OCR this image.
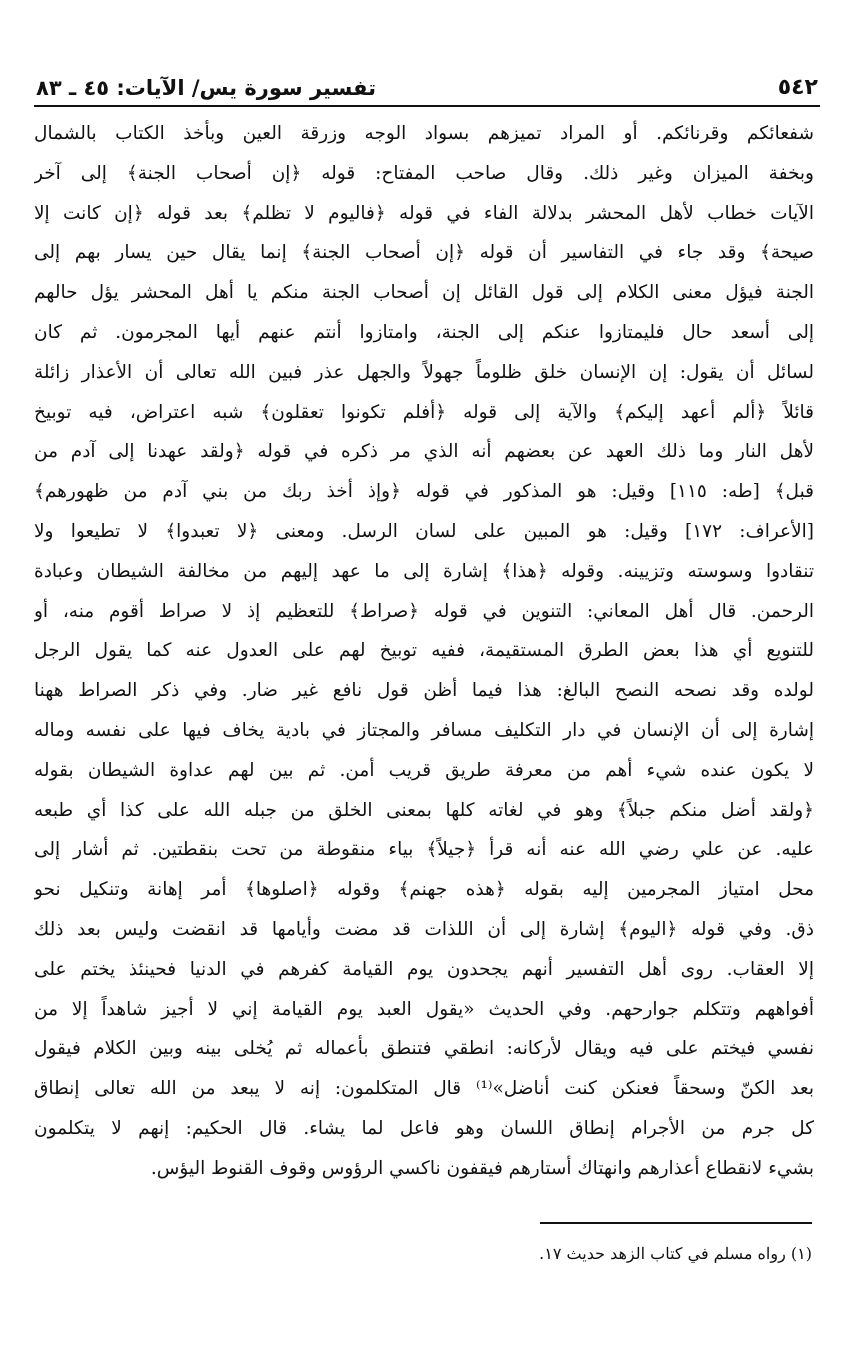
تفسير سورة يس/ الآيات: ٤٥ ـ ٨٣	٥٤٢
شفعائكم وقرنائكم. أو المراد تميزهم بسواد الوجه وزرقة العين وبأخذ الكتاب بالشمال
وبخفة الميزان وغير ذلك. وقال صاحب المفتاح: قوله ﴿إن أصحاب الجنة﴾ إلى آخر
الآيات خطاب لأهل المحشر بدلالة الفاء في قوله ﴿فاليوم لا تظلم﴾ بعد قوله ﴿إن كانت إلا
صيحة﴾ وقد جاء في التفاسير أن قوله ﴿إن أصحاب الجنة﴾ إنما يقال حين يسار بهم إلى
الجنة فيؤل معنى الكلام إلى قول القائل إن أصحاب الجنة منكم يا أهل المحشر يؤل حالهم
إلى أسعد حال فليمتازوا عنكم إلى الجنة، وامتازوا أنتم عنهم أيها المجرمون. ثم كان
لسائل أن يقول: إن الإنسان خلق ظلوماً جهولاً والجهل عذر فبين الله تعالى أن الأعذار زائلة
قائلاً ﴿ألم أعهد إليكم﴾ والآية إلى قوله ﴿أفلم تكونوا تعقلون﴾ شبه اعتراض، فيه توبيخ
لأهل النار وما ذلك العهد عن بعضهم أنه الذي مر ذكره في قوله ﴿ولقد عهدنا إلى آدم من
قبل﴾ [طه: ١١٥] وقيل: هو المذكور في قوله ﴿وإذ أخذ ربك من بني آدم من ظهورهم﴾
[الأعراف: ١٧٢] وقيل: هو المبين على لسان الرسل. ومعنى ﴿لا تعبدوا﴾ لا تطيعوا ولا
تنقادوا وسوسته وتزيينه. وقوله ﴿هذا﴾ إشارة إلى ما عهد إليهم من مخالفة الشيطان وعبادة
الرحمن. قال أهل المعاني: التنوين في قوله ﴿صراط﴾ للتعظيم إذ لا صراط أقوم منه، أو
للتنويع أي هذا بعض الطرق المستقيمة، ففيه توبيخ لهم على العدول عنه كما يقول الرجل
لولده وقد نصحه النصح البالغ: هذا فيما أظن قول نافع غير ضار. وفي ذكر الصراط ههنا
إشارة إلى أن الإنسان في دار التكليف مسافر والمجتاز في بادية يخاف فيها على نفسه وماله
لا يكون عنده شيء أهم من معرفة طريق قريب أمن. ثم بين لهم عداوة الشيطان بقوله
﴿ولقد أضل منكم جبلاً﴾ وهو في لغاته كلها بمعنى الخلق من جبله الله على كذا أي طبعه
عليه. عن علي رضي الله عنه أنه قرأ ﴿جيلاً﴾ بياء منقوطة من تحت بنقطتين. ثم أشار إلى
محل امتياز المجرمين إليه بقوله ﴿هذه جهنم﴾ وقوله ﴿اصلوها﴾ أمر إهانة وتنكيل نحو
ذق. وفي قوله ﴿اليوم﴾ إشارة إلى أن اللذات قد مضت وأيامها قد انقضت وليس بعد ذلك
إلا العقاب. روى أهل التفسير أنهم يجحدون يوم القيامة كفرهم في الدنيا فحينئذ يختم على
أفواههم وتتكلم جوارحهم. وفي الحديث «يقول العبد يوم القيامة إني لا أجيز شاهداً إلا من
نفسي فيختم على فيه ويقال لأركانه: انطقي فتنطق بأعماله ثم يُخلى بينه وبين الكلام فيقول
بعد الكنّ وسحقاً فعنكن كنت أناضل»⁽¹⁾ قال المتكلمون: إنه لا يبعد من الله تعالى إنطاق
كل جرم من الأجرام إنطاق اللسان وهو فاعل لما يشاء. قال الحكيم: إنهم لا يتكلمون
بشيء لانقطاع أعذارهم وانهتاك أستارهم فيقفون ناكسي الرؤوس وقوف القنوط اليؤس.
(١) رواه مسلم في كتاب الزهد حديث ١٧.
